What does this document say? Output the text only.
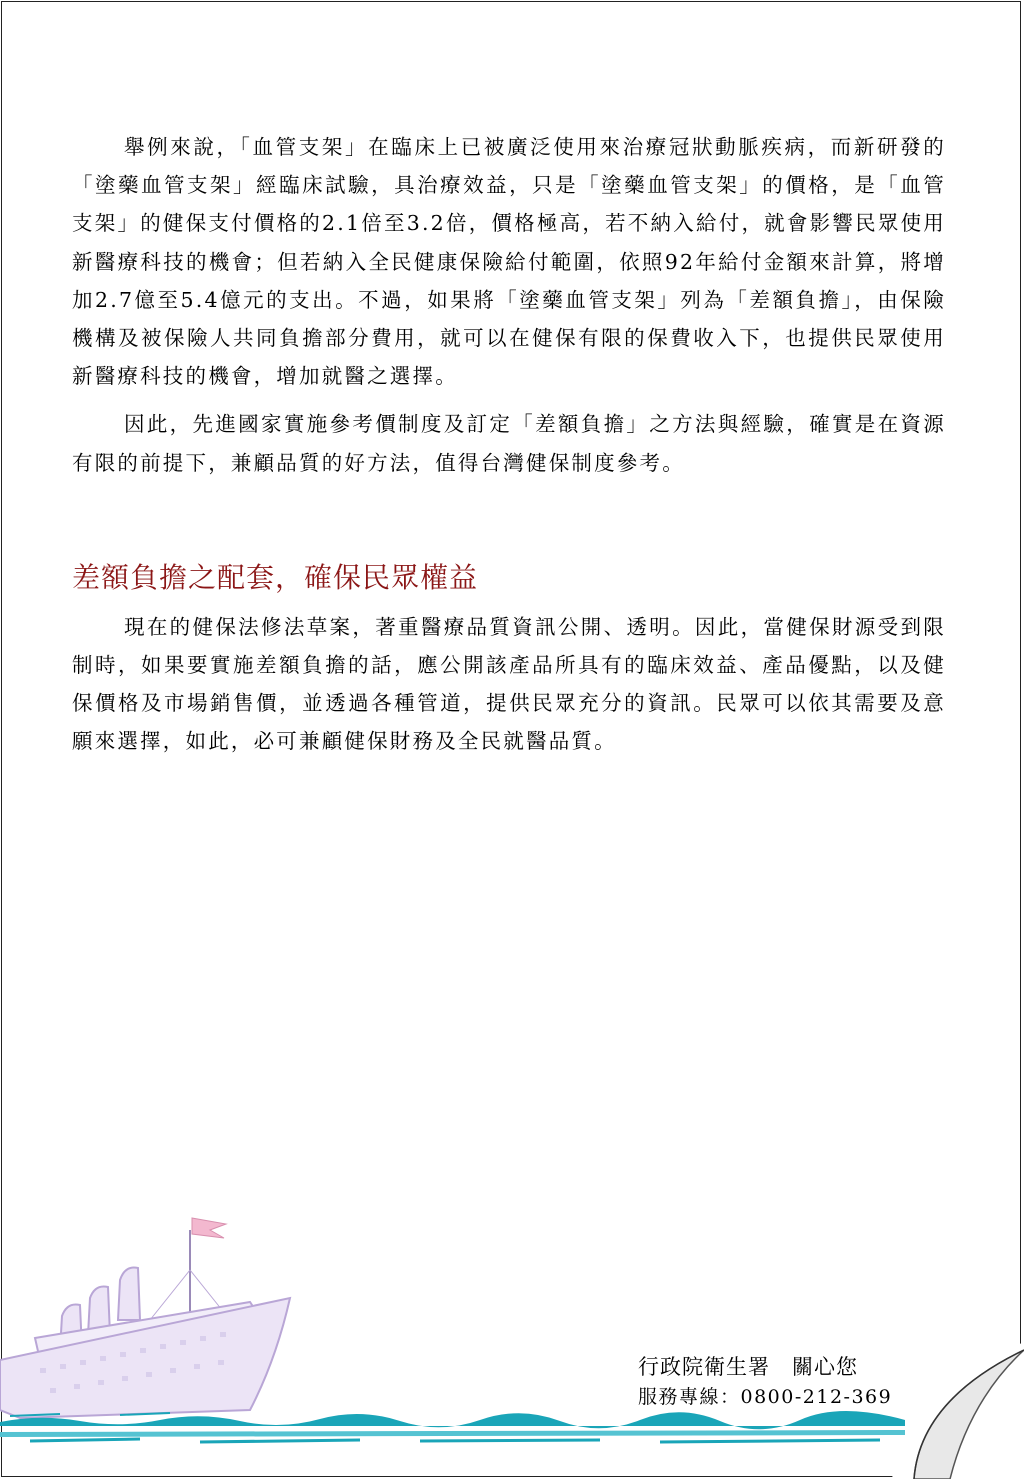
舉例來說，「血管支架」在臨床上已被廣泛使用來治療冠狀動脈疾病，而新研發的「塗藥血管支架」經臨床試驗，具治療效益，只是「塗藥血管支架」的價格，是「血管支架」的健保支付價格的2.1倍至3.2倍，價格極高，若不納入給付，就會影響民眾使用新醫療科技的機會；但若納入全民健康保險給付範圍，依照92年給付金額來計算，將增加2.7億至5.4億元的支出。不過，如果將「塗藥血管支架」列為「差額負擔」，由保險機構及被保險人共同負擔部分費用，就可以在健保有限的保費收入下，也提供民眾使用新醫療科技的機會，增加就醫之選擇。

因此，先進國家實施參考價制度及訂定「差額負擔」之方法與經驗，確實是在資源有限的前提下，兼顧品質的好方法，值得台灣健保制度參考。

差額負擔之配套，確保民眾權益

現在的健保法修法草案，著重醫療品質資訊公開、透明。因此，當健保財源受到限制時，如果要實施差額負擔的話，應公開該產品所具有的臨床效益、產品優點，以及健保價格及市場銷售價，並透過各種管道，提供民眾充分的資訊。民眾可以依其需要及意願來選擇，如此，必可兼顧健保財務及全民就醫品質。

行政院衛生署　關心您
服務專線：0800-212-369
